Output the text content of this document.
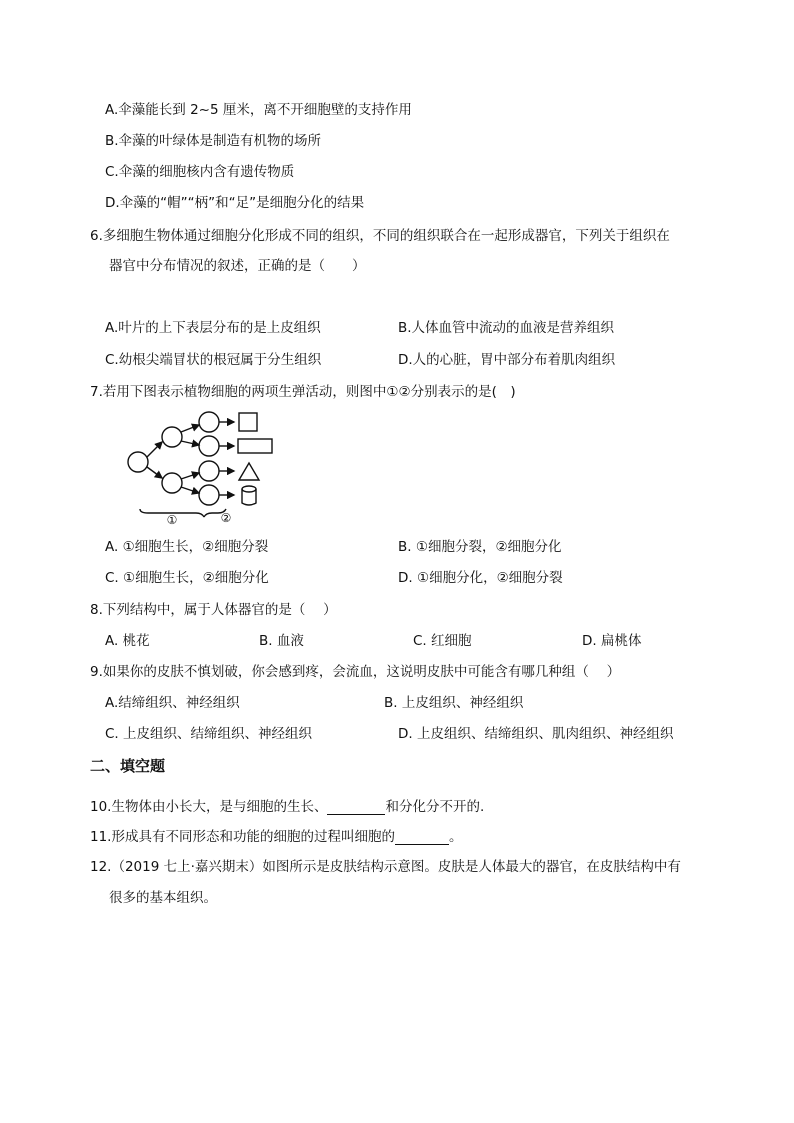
A.伞藻能长到 2~5 厘米，离不开细胞壁的支持作用
B.伞藻的叶绿体是制造有机物的场所
C.伞藻的细胞核内含有遗传物质
D.伞藻的“帽”“柄”和“足”是细胞分化的结果
6.多细胞生物体通过细胞分化形成不同的组织，不同的组织联合在一起形成器官，下列关于组织在
器官中分布情况的叙述，正确的是（　　）
A.叶片的上下表层分布的是上皮组织	B.人体血管中流动的血液是营养组织
C.幼根尖端冒状的根冠属于分生组织	D.人的心脏，胃中部分布着肌肉组织
7.若用下图表示植物细胞的两项生弹活动，则图中①②分别表示的是(　)
①	②
A. ①细胞生长，②细胞分裂	B. ①细胞分裂，②细胞分化
C. ①细胞生长，②细胞分化	D. ①细胞分化，②细胞分裂
8.下列结构中，属于人体器官的是（　 ）
A. 桃花	B. 血液	C. 红细胞	D. 扁桃体
9.如果你的皮肤不慎划破，你会感到疼，会流血，这说明皮肤中可能含有哪几种组（　 ）
A.结缔组织、神经组织	B. 上皮组织、神经组织
C. 上皮组织、结缔组织、神经组织	D. 上皮组织、结缔组织、肌肉组织、神经组织
二、填空题
10.生物体由小长大，是与细胞的生长、	和分化分不开的.
11.形成具有不同形态和功能的细胞的过程叫细胞的	。
12.（2019 七上·嘉兴期末）如图所示是皮肤结构示意图。皮肤是人体最大的器官，在皮肤结构中有
很多的基本组织。
